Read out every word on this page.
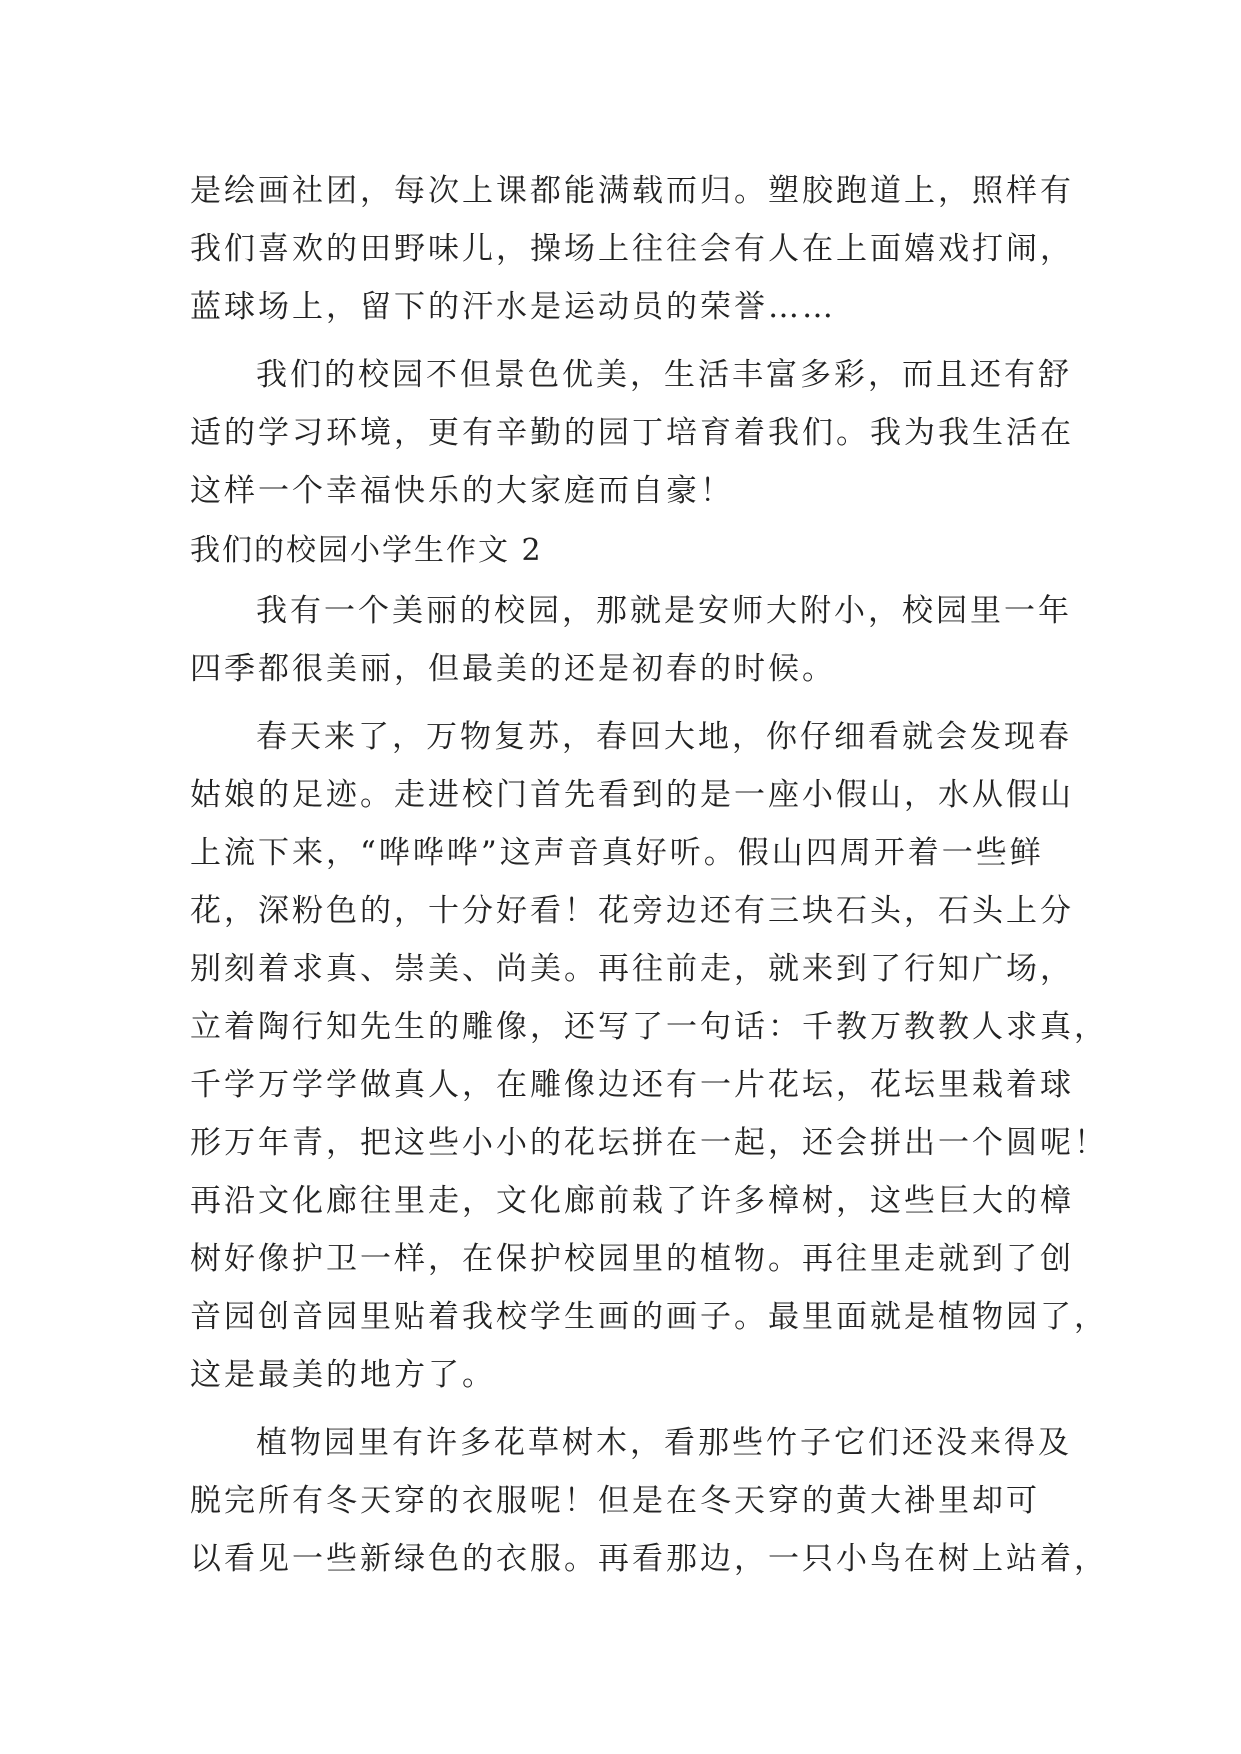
是绘画社团，每次上课都能满载而归。塑胶跑道上，照样有
我们喜欢的田野味儿，操场上往往会有人在上面嬉戏打闹，
蓝球场上，留下的汗水是运动员的荣誉……
我们的校园不但景色优美，生活丰富多彩，而且还有舒
适的学习环境，更有辛勤的园丁培育着我们。我为我生活在
这样一个幸福快乐的大家庭而自豪！
我们的校园小学生作文 2
我有一个美丽的校园，那就是安师大附小，校园里一年
四季都很美丽，但最美的还是初春的时候。
春天来了，万物复苏，春回大地，你仔细看就会发现春
姑娘的足迹。走进校门首先看到的是一座小假山，水从假山
上流下来，“哗哗哗”这声音真好听。假山四周开着一些鲜
花，深粉色的，十分好看！花旁边还有三块石头，石头上分
别刻着求真、崇美、尚美。再往前走，就来到了行知广场，
立着陶行知先生的雕像，还写了一句话：千教万教教人求真，
千学万学学做真人，在雕像边还有一片花坛，花坛里栽着球
形万年青，把这些小小的花坛拼在一起，还会拼出一个圆呢！
再沿文化廊往里走，文化廊前栽了许多樟树，这些巨大的樟
树好像护卫一样，在保护校园里的植物。再往里走就到了创
音园创音园里贴着我校学生画的画子。最里面就是植物园了，
这是最美的地方了。
植物园里有许多花草树木，看那些竹子它们还没来得及
脱完所有冬天穿的衣服呢！但是在冬天穿的黄大褂里却可
以看见一些新绿色的衣服。再看那边，一只小鸟在树上站着，
